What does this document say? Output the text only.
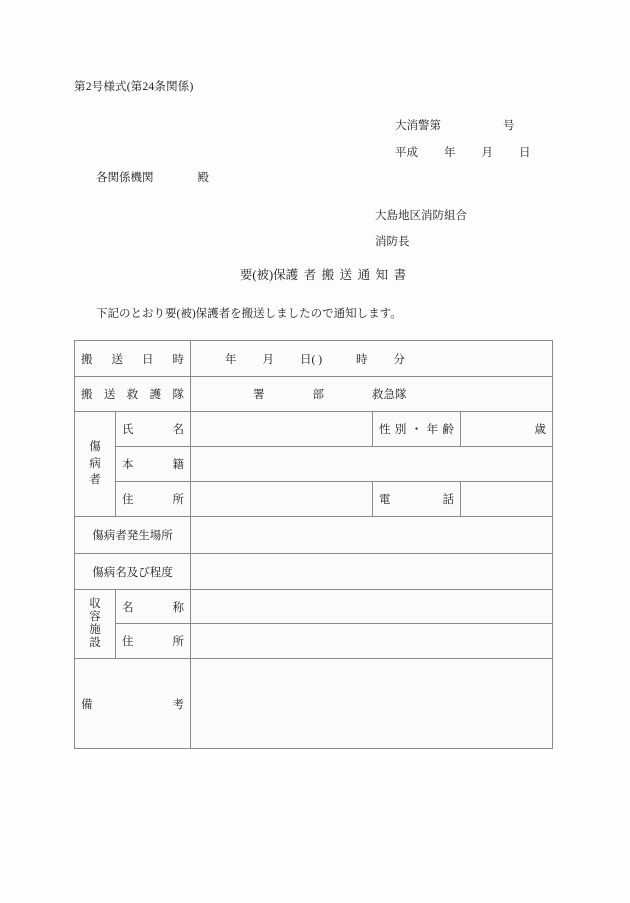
第2号様式(第24条関係)
大消警第	号
平成 年 月 日
各関係機関	殿
大島地区消防組合
消防長
要(被)保護者搬送通知書
下記のとおり要(被)保護者を搬送しましたので通知します。
搬送日時		年 月 日( ) 時 分		
搬送救護隊		署 部 救急隊		

傷
病
者	氏名		性別・年齢	歳
	本籍			
	住所		電話	
傷病者発生場所				
傷病名及び程度				

収
容
施
設	名称			
	住所			
備考				
